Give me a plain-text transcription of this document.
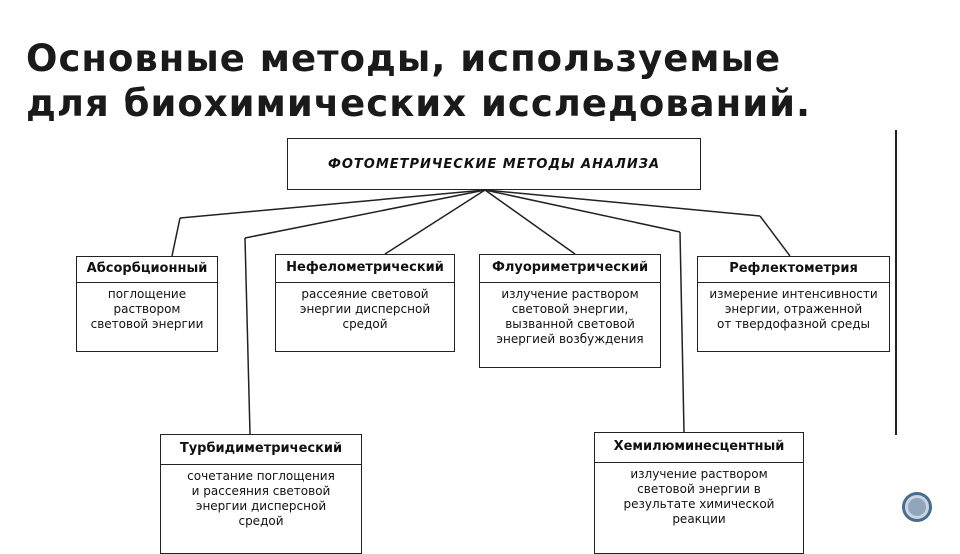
Основные методы, используемые
для биохимических исследований.
ФОТОМЕТРИЧЕСКИЕ МЕТОДЫ АНАЛИЗА
Абсорбционный
поглощение
раствором
световой энергии
Нефелометрический
рассеяние световой
энергии дисперсной
средой
Флуориметрический
излучение раствором
световой энергии,
вызванной световой
энергией возбуждения
Рефлектометрия
измерение интенсивности
энергии, отраженной
от твердофазной среды
Турбидиметрический
сочетание поглощения
и рассеяния световой
энергии дисперсной
средой
Хемилюминесцентный
излучение раствором
световой энергии в
результате химической
реакции
